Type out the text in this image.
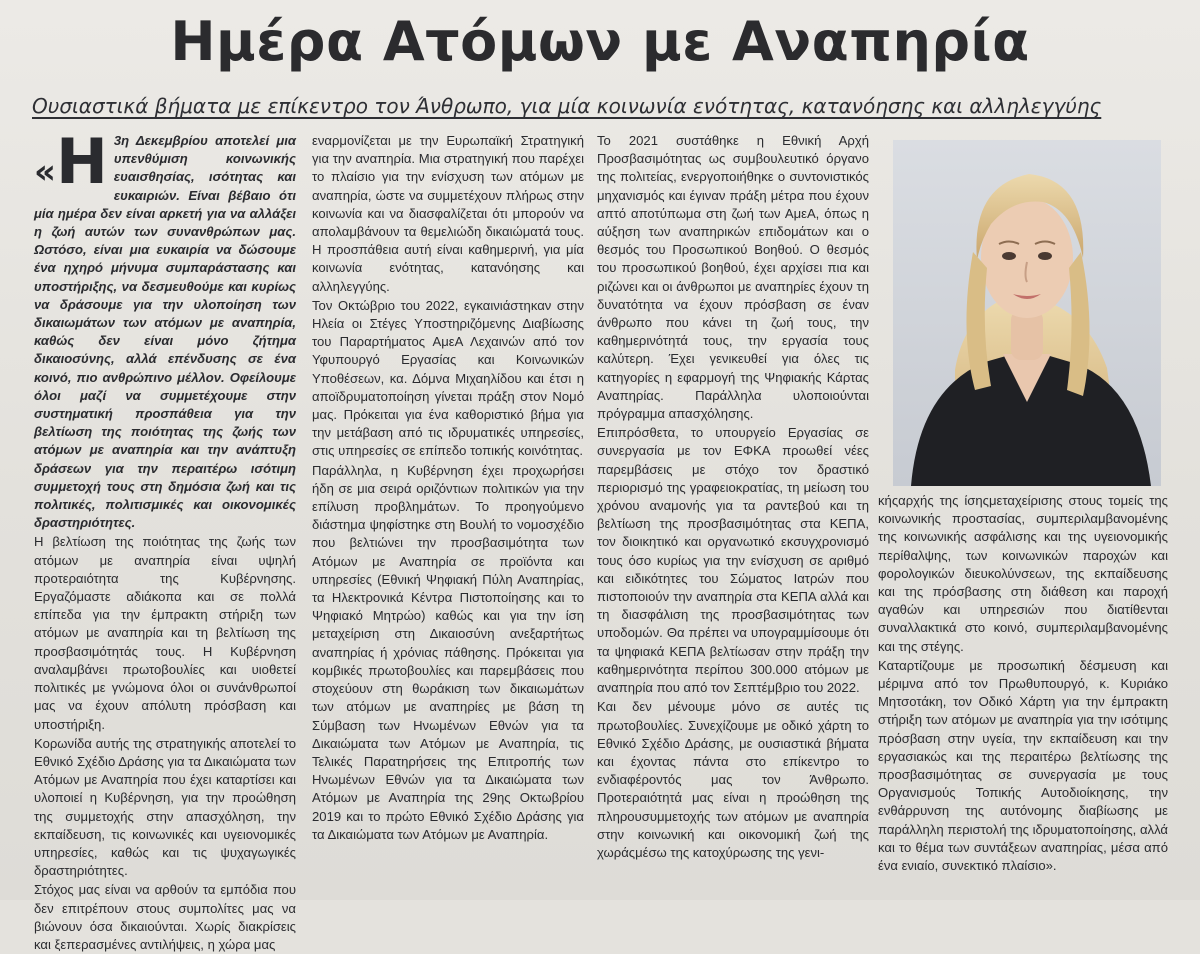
Ημέρα Ατόμων με Αναπηρία
Ουσιαστικά βήματα με επίκεντρο τον Άνθρωπο, για μία κοινωνία ενότητας, κατανόησης και αλληλεγγύης

«Η 3η Δεκεμβρίου αποτελεί μια υπενθύμιση κοινωνικής ευαισθησίας, ισότητας και ευκαιριών. Είναι βέβαιο ότι μία ημέρα δεν είναι αρκετή για να αλλάξει η ζωή αυτών των συνανθρώπων μας. Ωστόσο, είναι μια ευκαιρία να δώσουμε ένα ηχηρό μήνυμα συμπαράστασης και υποστήριξης, να δεσμευθούμε και κυρίως να δράσουμε για την υλοποίηση των δικαιωμάτων των ατόμων με αναπηρία, καθώς δεν είναι μόνο ζήτημα δικαιοσύνης, αλλά επένδυσης σε ένα κοινό, πιο ανθρώπινο μέλλον. Οφείλουμε όλοι μαζί να συμμετέχουμε στην συστηματική προσπάθεια για την βελτίωση της ποιότητας της ζωής των ατόμων με αναπηρία και την ανάπτυξη δράσεων για την περαιτέρω ισότιμη συμμετοχή τους στη δημόσια ζωή και τις πολιτικές, πολιτισμικές και οικονομικές δραστηριότητες.

Η βελτίωση της ποιότητας της ζωής των ατόμων με αναπηρία είναι υψηλή προτεραιότητα της Κυβέρνησης. Εργαζόμαστε αδιάκοπα και σε πολλά επίπεδα για την έμπρακτη στήριξη των ατόμων με αναπηρία και τη βελτίωση της προσβασιμότητάς τους. Η Κυβέρνηση αναλαμβάνει πρωτοβουλίες και υιοθετεί πολιτικές με γνώμονα όλοι οι συνάνθρωποί μας να έχουν απόλυτη πρόσβαση και υποστήριξη.

Κορωνίδα αυτής της στρατηγικής αποτελεί το Εθνικό Σχέδιο Δράσης για τα Δικαιώματα των Ατόμων με Αναπηρία που έχει καταρτίσει και υλοποιεί η Κυβέρνηση, για την προώθηση της συμμετοχής στην απασχόληση, την εκπαίδευση, τις κοινωνικές και υγειονομικές υπηρεσίες, καθώς και τις ψυχαγωγικές δραστηριότητες.

Στόχος μας είναι να αρθούν τα εμπόδια που δεν επιτρέπουν στους συμπολίτες μας να βιώνουν όσα δικαιούνται. Χωρίς διακρίσεις και ξεπερασμένες αντιλήψεις, η χώρα μας

εναρμονίζεται με την Ευρωπαϊκή Στρατηγική για την αναπηρία. Μια στρατηγική που παρέχει το πλαίσιο για την ενίσχυση των ατόμων με αναπηρία, ώστε να συμμετέχουν πλήρως στην κοινωνία και να διασφαλίζεται ότι μπορούν να απολαμβάνουν τα θεμελιώδη δικαιώματά τους. Η προσπάθεια αυτή είναι καθημερινή, για μία κοινωνία ενότητας, κατανόησης και αλληλεγγύης.

Τον Οκτώβριο του 2022, εγκαινιάστηκαν στην Ηλεία οι Στέγες Υποστηριζόμενης Διαβίωσης του Παραρτήματος ΑμεΑ Λεχαινών από τον Υφυπουργό Εργασίας και Κοινωνικών Υποθέσεων, κα. Δόμνα Μιχαηλίδου και έτσι η αποϊδρυματοποίηση γίνεται πράξη στον Νομό μας. Πρόκειται για ένα καθοριστικό βήμα για την μετάβαση από τις ιδρυματικές υπηρεσίες, στις υπηρεσίες σε επίπεδο τοπικής κοινότητας.

Παράλληλα, η Κυβέρνηση έχει προχωρήσει ήδη σε μια σειρά οριζόντιων πολιτικών για την επίλυση προβλημάτων. Το προηγούμενο διάστημα ψηφίστηκε στη Βουλή το νομοσχέδιο που βελτιώνει την προσβασιμότητα των Ατόμων με Αναπηρία σε προϊόντα και υπηρεσίες (Εθνική Ψηφιακή Πύλη Αναπηρίας, τα Ηλεκτρονικά Κέντρα Πιστοποίησης και το Ψηφιακό Μητρώο) καθώς και για την ίση μεταχείριση στη Δικαιοσύνη ανεξαρτήτως αναπηρίας ή χρόνιας πάθησης. Πρόκειται για κομβικές πρωτοβουλίες και παρεμβάσεις που στοχεύουν στη θωράκιση των δικαιωμάτων των ατόμων με αναπηρίες με βάση τη Σύμβαση των Ηνωμένων Εθνών για τα Δικαιώματα των Ατόμων με Αναπηρία, τις Τελικές Παρατηρήσεις της Επιτροπής των Ηνωμένων Εθνών για τα Δικαιώματα των Ατόμων με Αναπηρία της 29ης Οκτωβρίου 2019 και το πρώτο Εθνικό Σχέδιο Δράσης για τα Δικαιώματα των Ατόμων με Αναπηρία.

Το 2021 συστάθηκε η Εθνική Αρχή Προσβασιμότητας ως συμβουλευτικό όργανο της πολιτείας, ενεργοποιήθηκε ο συντονιστικός μηχανισμός και έγιναν πράξη μέτρα που έχουν απτό αποτύπωμα στη ζωή των ΑμεΑ, όπως η αύξηση των αναπηρικών επιδομάτων και ο θεσμός του Προσωπικού Βοηθού. Ο θεσμός του προσωπικού βοηθού, έχει αρχίσει πια και ριζώνει και οι άνθρωποι με αναπηρίες έχουν τη δυνατότητα να έχουν πρόσβαση σε έναν άνθρωπο που κάνει τη ζωή τους, την καθημερινότητά τους, την εργασία τους καλύτερη. Έχει γενικευθεί για όλες τις κατηγορίες η εφαρμογή της Ψηφιακής Κάρτας Αναπηρίας. Παράλληλα υλοποιούνται πρόγραμμα απασχόλησης.

Επιπρόσθετα, το υπουργείο Εργασίας σε συνεργασία με τον ΕΦΚΑ προωθεί νέες παρεμβάσεις με στόχο τον δραστικό περιορισμό της γραφειοκρατίας, τη μείωση του χρόνου αναμονής για τα ραντεβού και τη βελτίωση της προσβασιμότητας στα ΚΕΠΑ, τον διοικητικό και οργανωτικό εκσυγχρονισμό τους όσο κυρίως για την ενίσχυση σε αριθμό και ειδικότητες του Σώματος Ιατρών που πιστοποιούν την αναπηρία στα ΚΕΠΑ αλλά και τη διασφάλιση της προσβασιμότητας των υποδομών. Θα πρέπει να υπογραμμίσουμε ότι τα ψηφιακά ΚΕΠΑ βελτίωσαν στην πράξη την καθημερινότητα περίπου 300.000 ατόμων με αναπηρία που από τον Σεπτέμβριο του 2022.

Και δεν μένουμε μόνο σε αυτές τις πρωτοβουλίες. Συνεχίζουμε με οδικό χάρτη το Εθνικό Σχέδιο Δράσης, με ουσιαστικά βήματα και έχοντας πάντα στο επίκεντρο το ενδιαφέροντός μας τον Άνθρωπο. Προτεραιότητά μας είναι η προώθηση της πληρουσυμμετοχής των ατόμων με αναπηρία στην κοινωνική και οικονομική ζωή της χωράςμέσω της κατοχύρωσης της γενι-

κήςαρχής της ίσηςμεταχείρισης στους τομείς της κοινωνικής προστασίας, συμπεριλαμβανομένης της κοινωνικής ασφάλισης και της υγειονομικής περίθαλψης, των κοινωνικών παροχών και φορολογικών διευκολύνσεων, της εκπαίδευσης και της πρόσβασης στη διάθεση και παροχή αγαθών και υπηρεσιών που διατίθενται συναλλακτικά στο κοινό, συμπεριλαμβανομένης και της στέγης.

Καταρτίζουμε με προσωπική δέσμευση και μέριμνα από τον Πρωθυπουργό, κ. Κυριάκο Μητσοτάκη, τον Οδικό Χάρτη για την έμπρακτη στήριξη των ατόμων με αναπηρία για την ισότιμης πρόσβαση στην υγεία, την εκπαίδευση και την εργασιακώς και της περαιτέρω βελτίωσης της προσβασιμότητας σε συνεργασία με τους Οργανισμούς Τοπικής Αυτοδιοίκησης, την ενθάρρυνση της αυτόνομης διαβίωσης με παράλληλη περιστολή της ιδρυματοποίησης, αλλά και το θέμα των συντάξεων αναπηρίας, μέσα από ένα ενιαίο, συνεκτικό πλαίσιο».
